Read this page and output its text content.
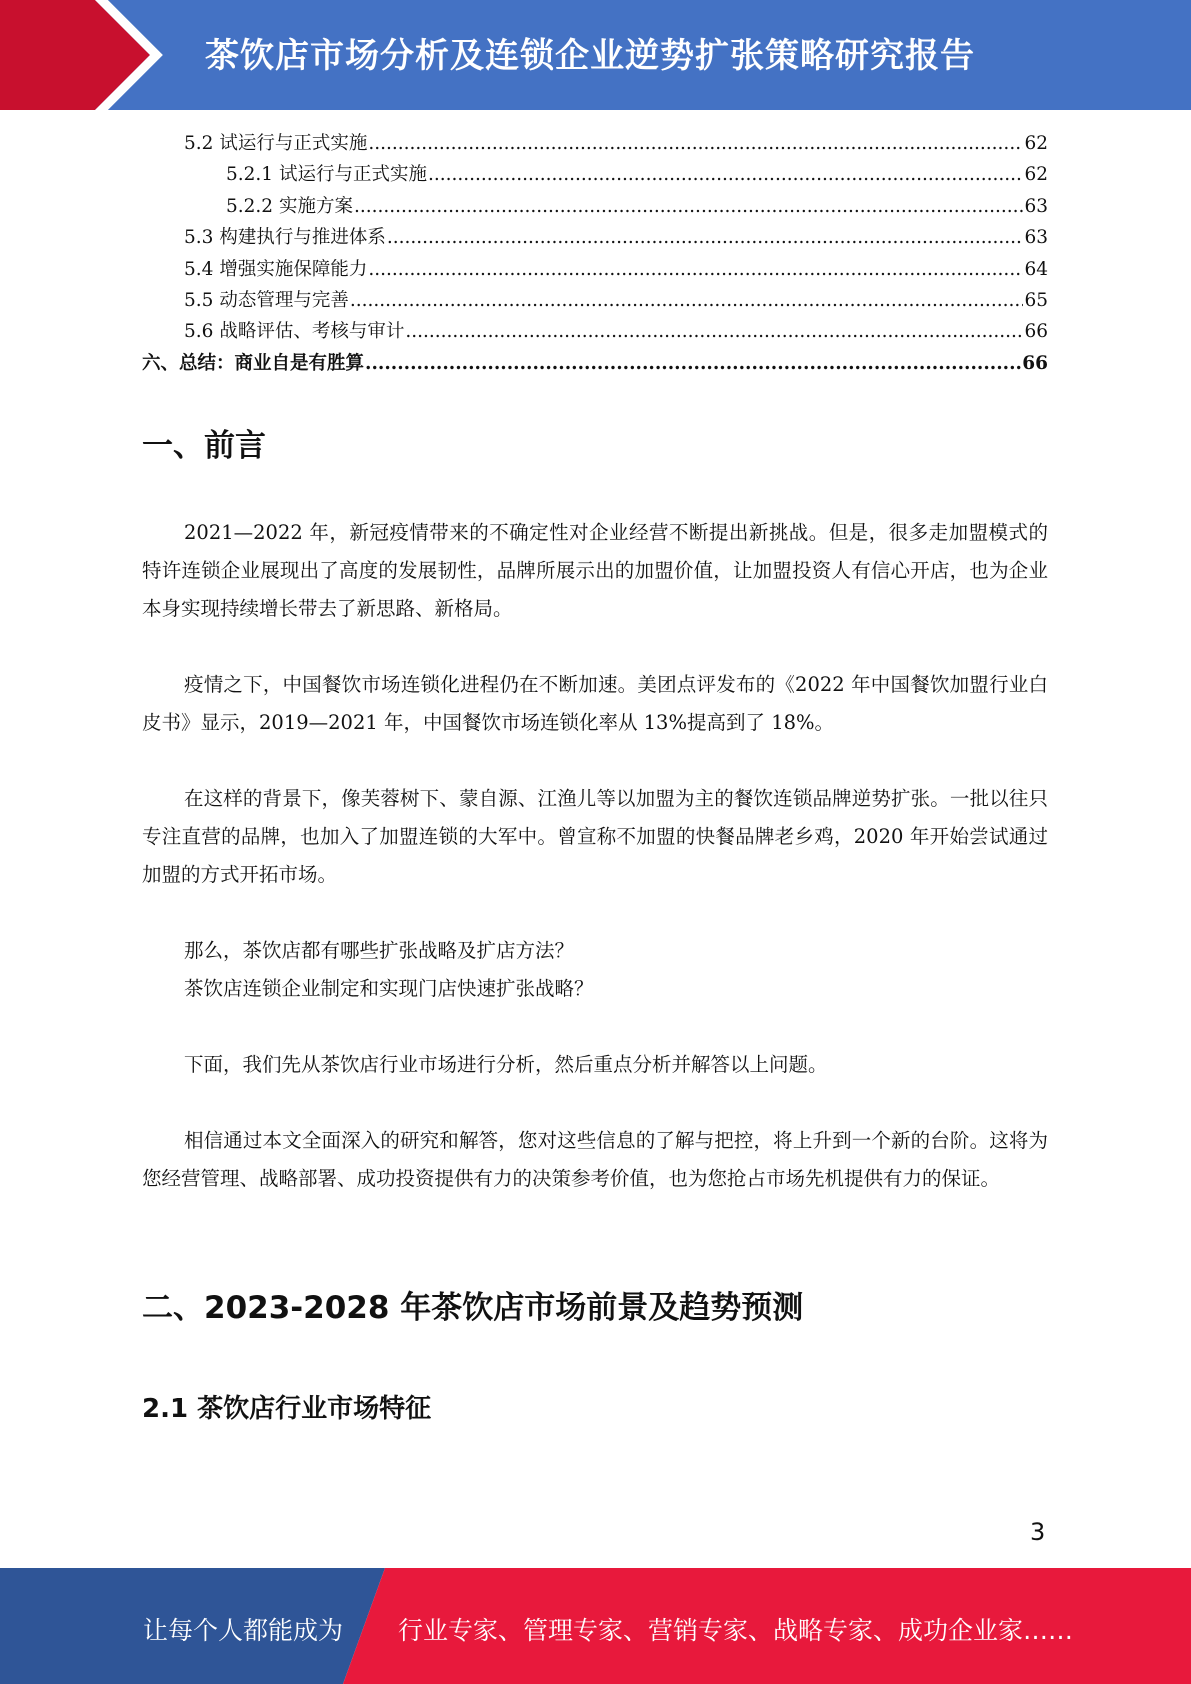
茶饮店市场分析及连锁企业逆势扩张策略研究报告
5.2 试运行与正式实施 .....	62
5.2.1 试运行与正式实施 .....	62
5.2.2 实施方案 .....	63
5.3 构建执行与推进体系 .....	63
5.4 增强实施保障能力 .....	64
5.5 动态管理与完善 .....	65
5.6 战略评估、考核与审计 .....	66
六、总结：商业自是有胜算 .....	66
一、前言

2021—2022 年，新冠疫情带来的不确定性对企业经营不断提出新挑战。但是，很多走加盟模式的特许连锁企业展现出了高度的发展韧性，品牌所展示出的加盟价值，让加盟投资人有信心开店，也为企业本身实现持续增长带去了新思路、新格局。

疫情之下，中国餐饮市场连锁化进程仍在不断加速。美团点评发布的《2022 年中国餐饮加盟行业白皮书》显示，2019—2021 年，中国餐饮市场连锁化率从 13%提高到了 18%。

在这样的背景下，像芙蓉树下、蒙自源、江渔儿等以加盟为主的餐饮连锁品牌逆势扩张。一批以往只专注直营的品牌，也加入了加盟连锁的大军中。曾宣称不加盟的快餐品牌老乡鸡，2020 年开始尝试通过加盟的方式开拓市场。

那么，茶饮店都有哪些扩张战略及扩店方法？

茶饮店连锁企业制定和实现门店快速扩张战略？

下面，我们先从茶饮店行业市场进行分析，然后重点分析并解答以上问题。

相信通过本文全面深入的研究和解答，您对这些信息的了解与把控，将上升到一个新的台阶。这将为您经营管理、战略部署、成功投资提供有力的决策参考价值，也为您抢占市场先机提供有力的保证。

二、2023-2028 年茶饮店市场前景及趋势预测
2.1 茶饮店行业市场特征
3
让每个人都能成为 行业专家、管理专家、营销专家、战略专家、成功企业家……
